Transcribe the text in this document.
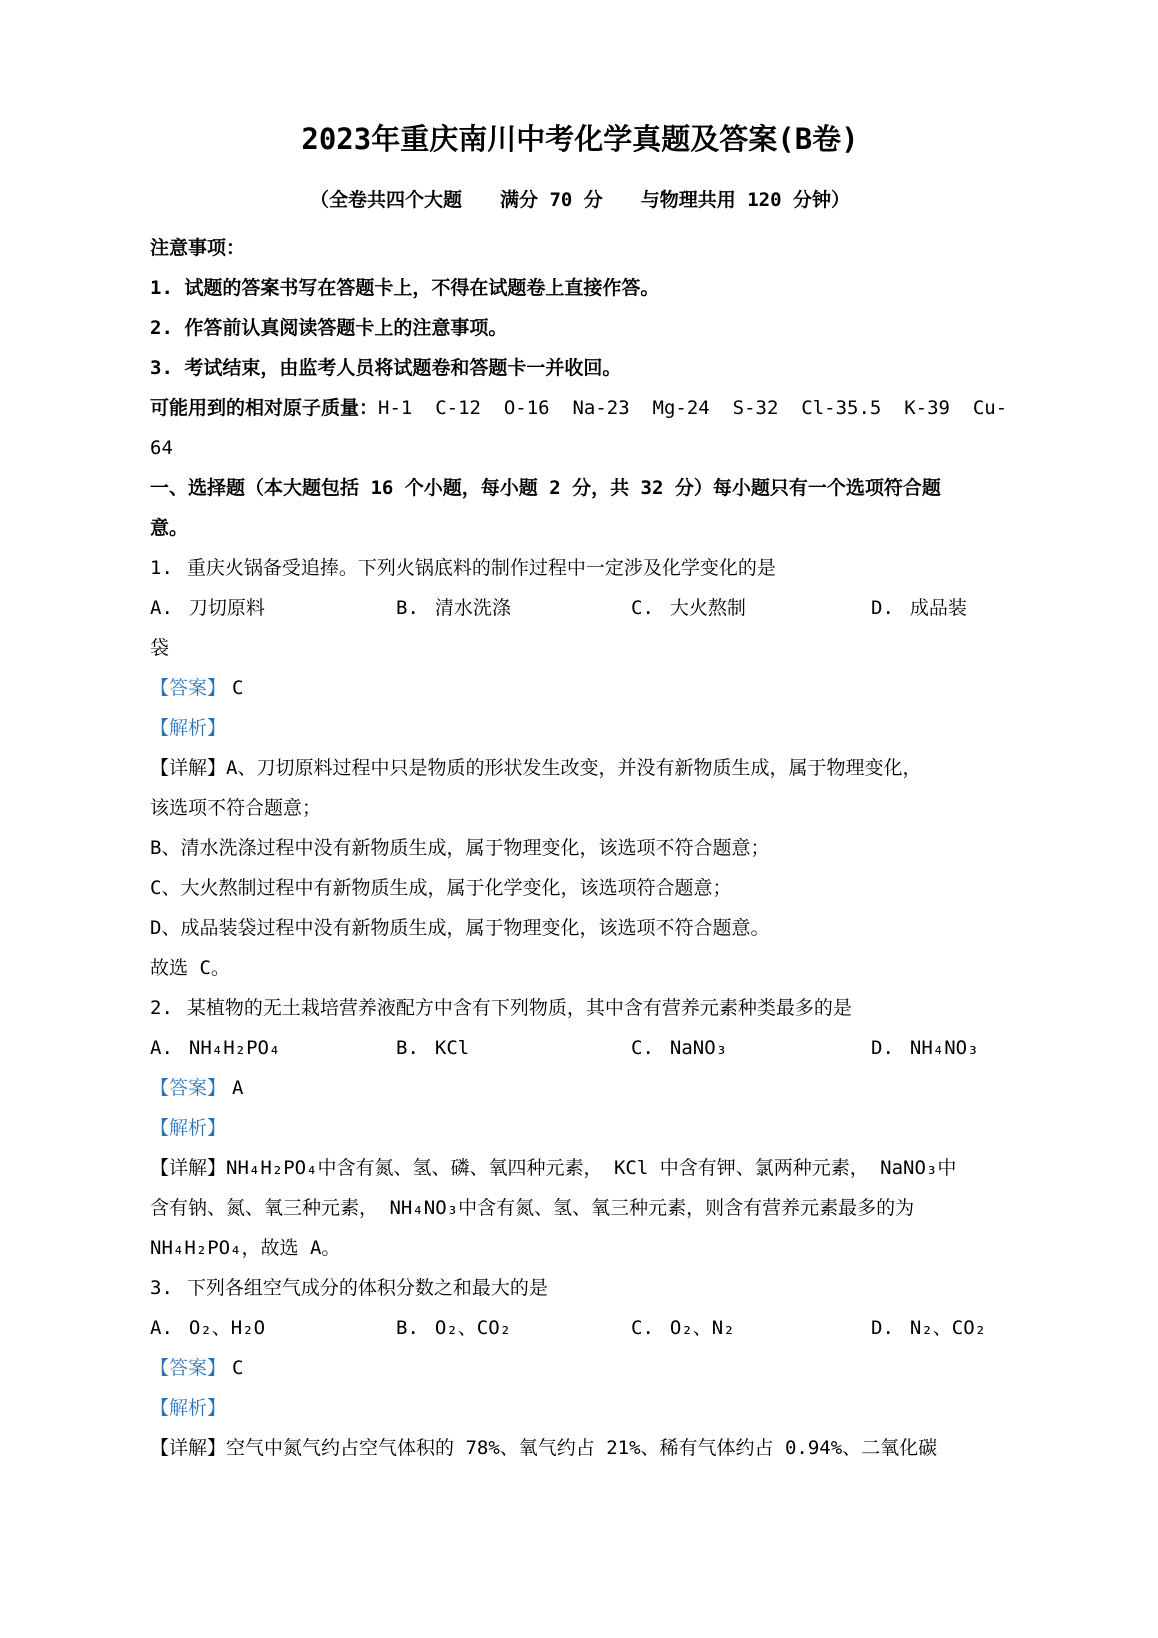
2023年重庆南川中考化学真题及答案(B卷)
（全卷共四个大题　　满分 70 分　　与物理共用 120 分钟）
注意事项：
1. 试题的答案书写在答题卡上，不得在试题卷上直接作答。
2. 作答前认真阅读答题卡上的注意事项。
3. 考试结束，由监考人员将试题卷和答题卡一并收回。
可能用到的相对原子质量：H-1  C-12  O-16  Na-23  Mg-24  S-32  Cl-35.5  K-39  Cu-
64
一、选择题（本大题包括 16 个小题，每小题 2 分，共 32 分）每小题只有一个选项符合题
意。
1. 重庆火锅备受追捧。下列火锅底料的制作过程中一定涉及化学变化的是
A. 刀切原料	B. 清水洗涤	C. 大火熬制	D. 成品装
袋
【答案】 C
【解析】
【详解】A、刀切原料过程中只是物质的形状发生改变，并没有新物质生成，属于物理变化，
该选项不符合题意；
B、清水洗涤过程中没有新物质生成，属于物理变化，该选项不符合题意；
C、大火熬制过程中有新物质生成，属于化学变化，该选项符合题意；
D、成品装袋过程中没有新物质生成，属于物理变化，该选项不符合题意。
故选 C。
2. 某植物的无土栽培营养液配方中含有下列物质，其中含有营养元素种类最多的是
A. NH₄H₂PO₄	B. KCl	C. NaNO₃	D. NH₄NO₃
【答案】 A
【解析】
【详解】NH₄H₂PO₄中含有氮、氢、磷、氧四种元素， KCl 中含有钾、氯两种元素， NaNO₃中
含有钠、氮、氧三种元素， NH₄NO₃中含有氮、氢、氧三种元素，则含有营养元素最多的为
NH₄H₂PO₄，故选 A。
3. 下列各组空气成分的体积分数之和最大的是
A. O₂、H₂O	B. O₂、CO₂	C. O₂、N₂	D. N₂、CO₂
【答案】 C
【解析】
【详解】空气中氮气约占空气体积的 78%、氧气约占 21%、稀有气体约占 0.94%、二氧化碳
